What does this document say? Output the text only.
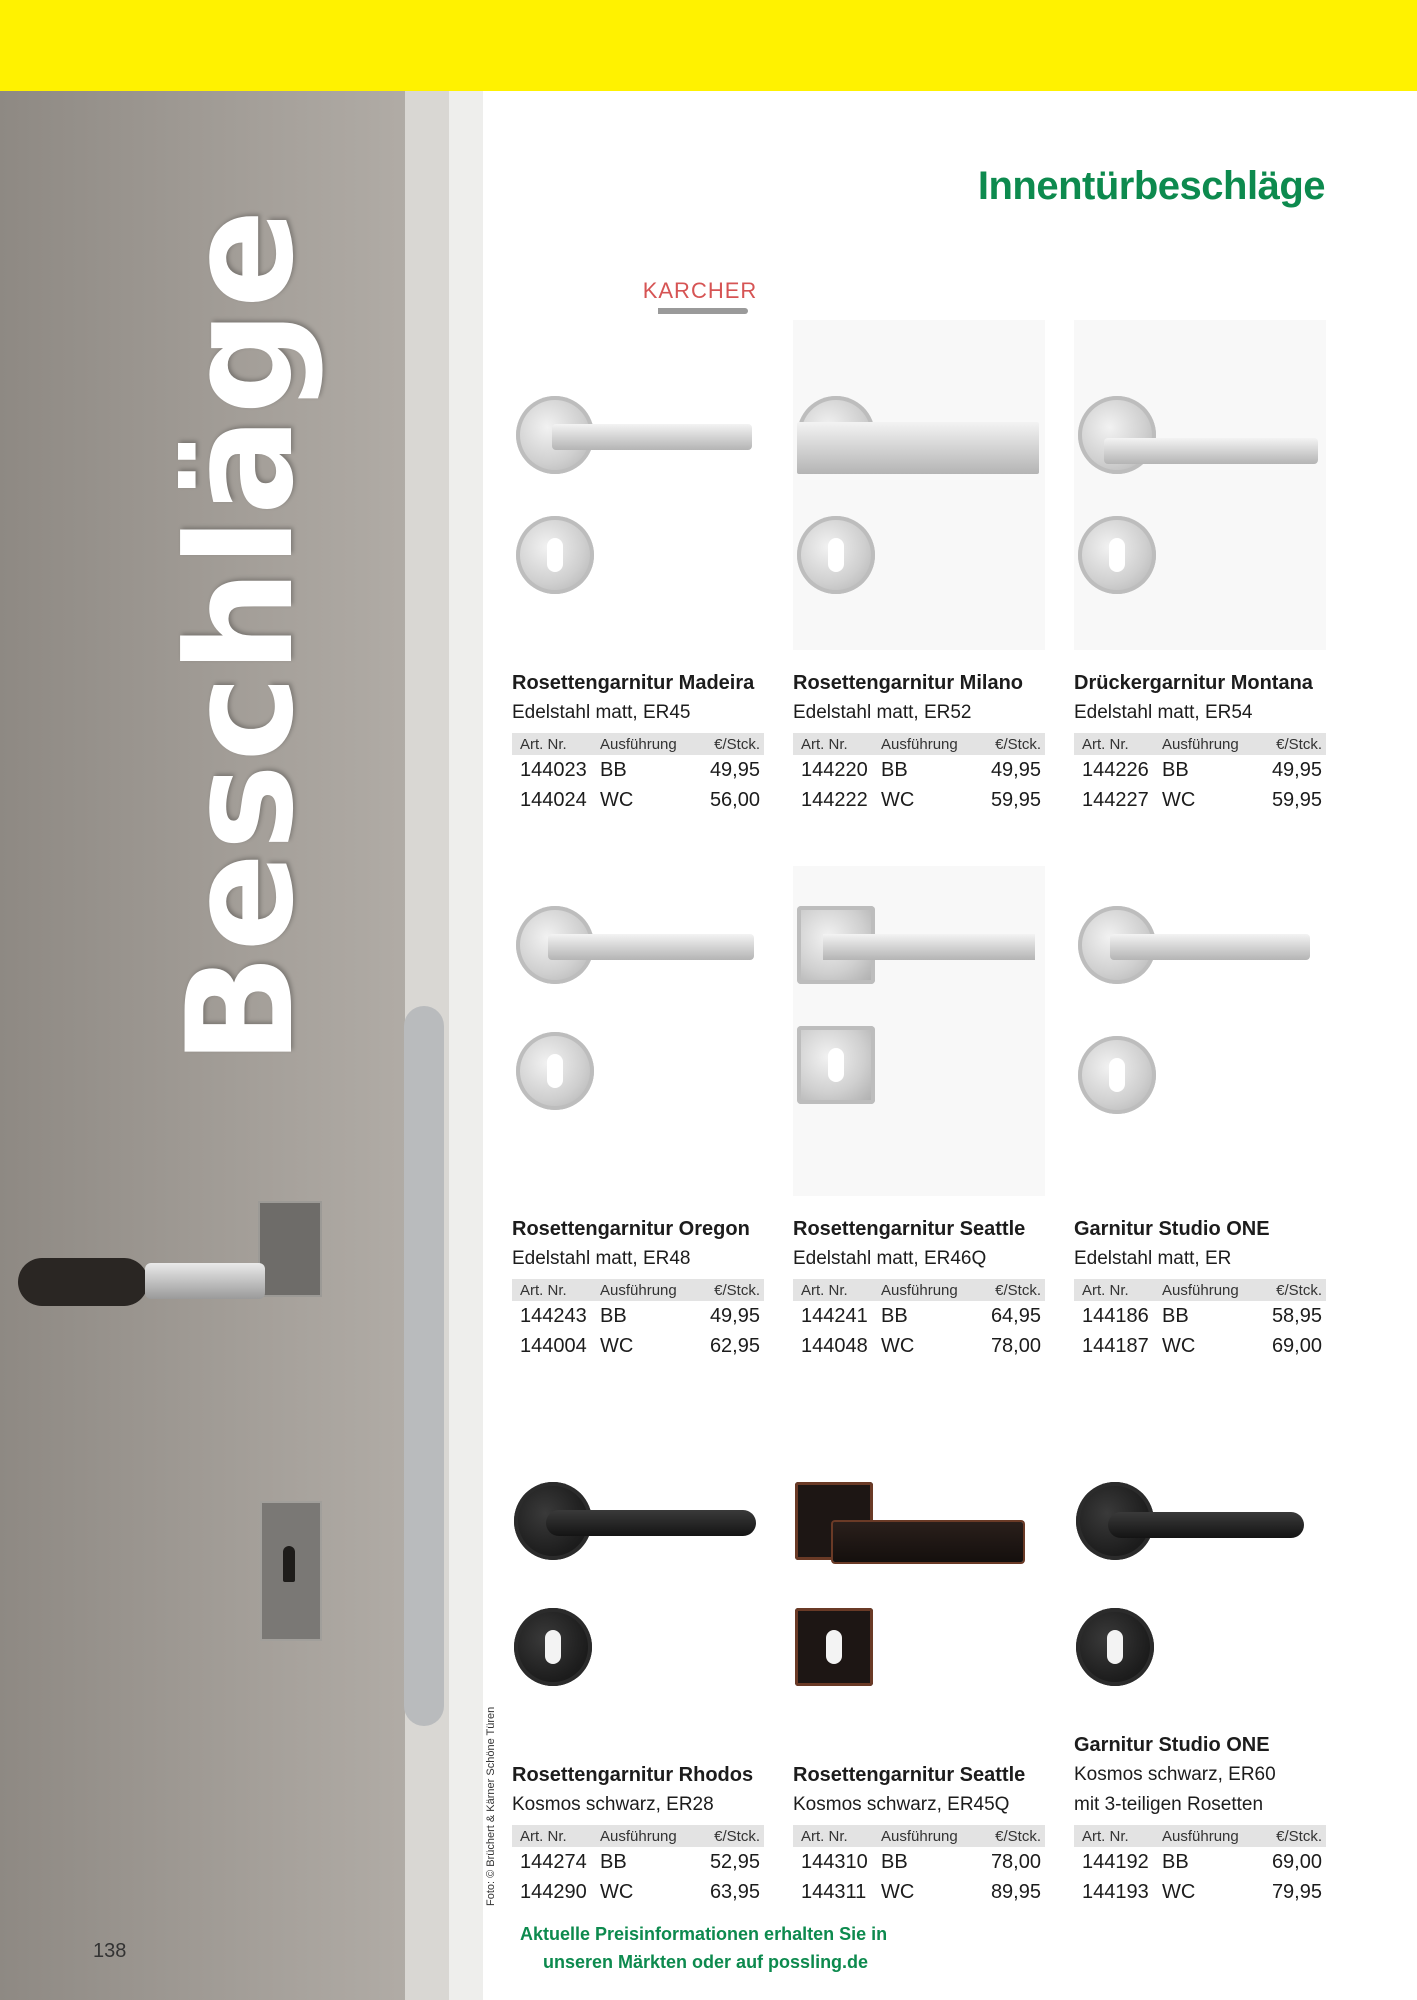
Beschläge
Foto: © Brüchert & Kärner Schöne Türen
138
Innentürbeschläge
KARCHER
Rosettengarnitur Madeira
Edelstahl matt, ER45
Art. Nr.	Ausführung	€/Stck.
144023 BB	49,95
144024 WC	56,00
Rosettengarnitur Milano
Edelstahl matt, ER52
Art. Nr.	Ausführung	€/Stck.
144220 BB	49,95
144222 WC	59,95
Drückergarnitur Montana
Edelstahl matt, ER54
Art. Nr.	Ausführung	€/Stck.
144226 BB	49,95
144227 WC	59,95
Rosettengarnitur Oregon
Edelstahl matt, ER48
Art. Nr.	Ausführung	€/Stck.
144243 BB	49,95
144004 WC	62,95
Rosettengarnitur Seattle
Edelstahl matt, ER46Q
Art. Nr.	Ausführung	€/Stck.
144241 BB	64,95
144048 WC	78,00
Garnitur Studio ONE
Edelstahl matt, ER
Art. Nr.	Ausführung	€/Stck.
144186 BB	58,95
144187 WC	69,00
Rosettengarnitur Rhodos
Kosmos schwarz, ER28
Art. Nr.	Ausführung	€/Stck.
144274 BB	52,95
144290 WC	63,95
Rosettengarnitur Seattle
Kosmos schwarz, ER45Q
Art. Nr.	Ausführung	€/Stck.
144310 BB	78,00
144311 WC	89,95
Garnitur Studio ONE
Kosmos schwarz, ER60
mit 3-teiligen Rosetten
Art. Nr.	Ausführung	€/Stck.
144192 BB	69,00
144193 WC	79,95
Aktuelle Preisinformationen erhalten Sie in
unseren Märkten oder auf possling.de
